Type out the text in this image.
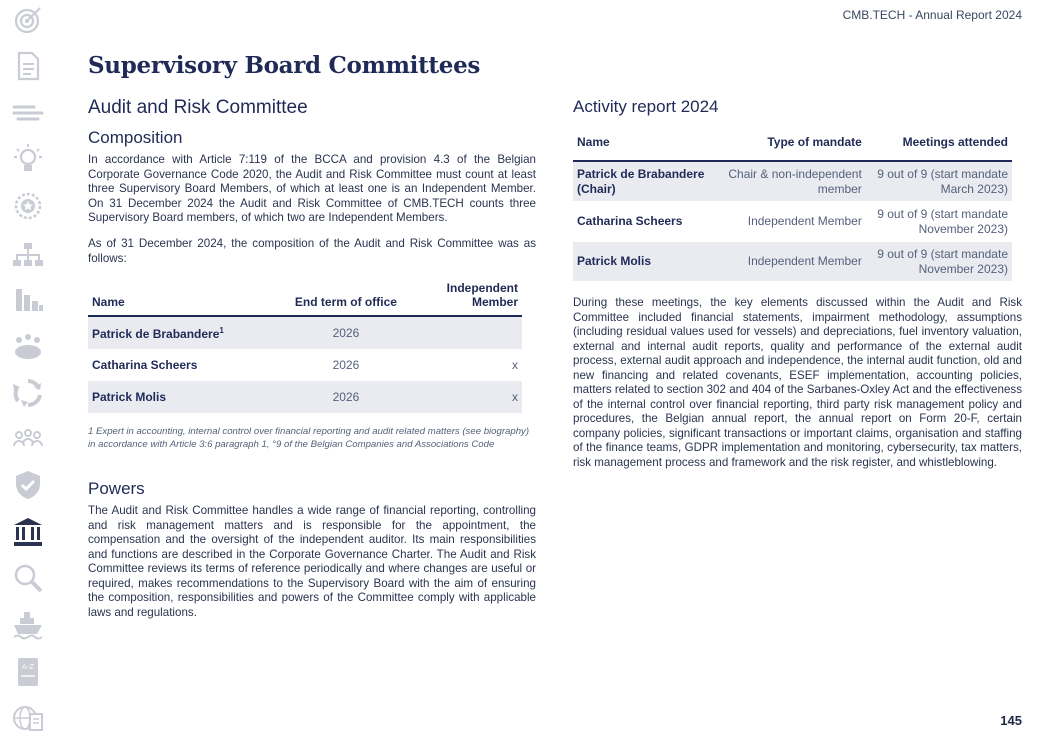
A-Z
CMB.TECH - Annual Report 2024
Supervisory Board Committees
Audit and Risk Committee
Composition

In accordance with Article 7:119 of the BCCA and provision 4.3 of the Belgian Corporate Governance Code 2020, the Audit and Risk Committee must count at least three Supervisory Board Members, of which at least one is an Independent Member. On 31 December 2024 the Audit and Risk Committee of CMB.TECH counts three Supervisory Board members, of which two are Independent Members.

As of 31 December 2024, the composition of the Audit and Risk Committee was as follows:

Name	End term of office	Independent Member
Patrick de Brabandere$^1$	2026	
Catharina Scheers	2026	x
Patrick Molis	2026	x

1 Expert in accounting, internal control over financial reporting and audit related matters (see biography) in accordance with Article 3:6 paragraph 1, °9 of the Belgian Companies and Associations Code

Powers

The Audit and Risk Committee handles a wide range of financial reporting, controlling and risk management matters and is responsible for the appointment, the compensation and the oversight of the independent auditor. Its main responsibilities and functions are described in the Corporate Governance Charter. The Audit and Risk Committee reviews its terms of reference periodically and where changes are useful or required, makes recommendations to the Supervisory Board with the aim of ensuring the composition, responsibilities and powers of the Committee comply with applicable laws and regulations.

Activity report 2024
Name	Type of mandate	Meetings attended
Patrick de Brabandere (Chair)	Chair & non-independent member	9 out of 9 (start mandate March 2023)
Catharina Scheers	Independent Member	9 out of 9 (start mandate November 2023)
Patrick Molis	Independent Member	9 out of 9 (start mandate November 2023)

During these meetings, the key elements discussed within the Audit and Risk Committee included financial statements, impairment methodology, assumptions (including residual values used for vessels) and depreciations, fuel inventory valuation, external and internal audit reports, quality and performance of the external audit process, external audit approach and independence, the internal audit function, old and new financing and related covenants, ESEF implementation, accounting policies, matters related to section 302 and 404 of the Sarbanes-Oxley Act and the effectiveness of the internal control over financial reporting, third party risk management policy and procedures, the Belgian annual report, the annual report on Form 20-F, certain company policies, significant transactions or important claims, organisation and staffing of the finance teams, GDPR implementation and monitoring, cybersecurity, tax matters, risk management process and framework and the risk register, and whistleblowing.

145
